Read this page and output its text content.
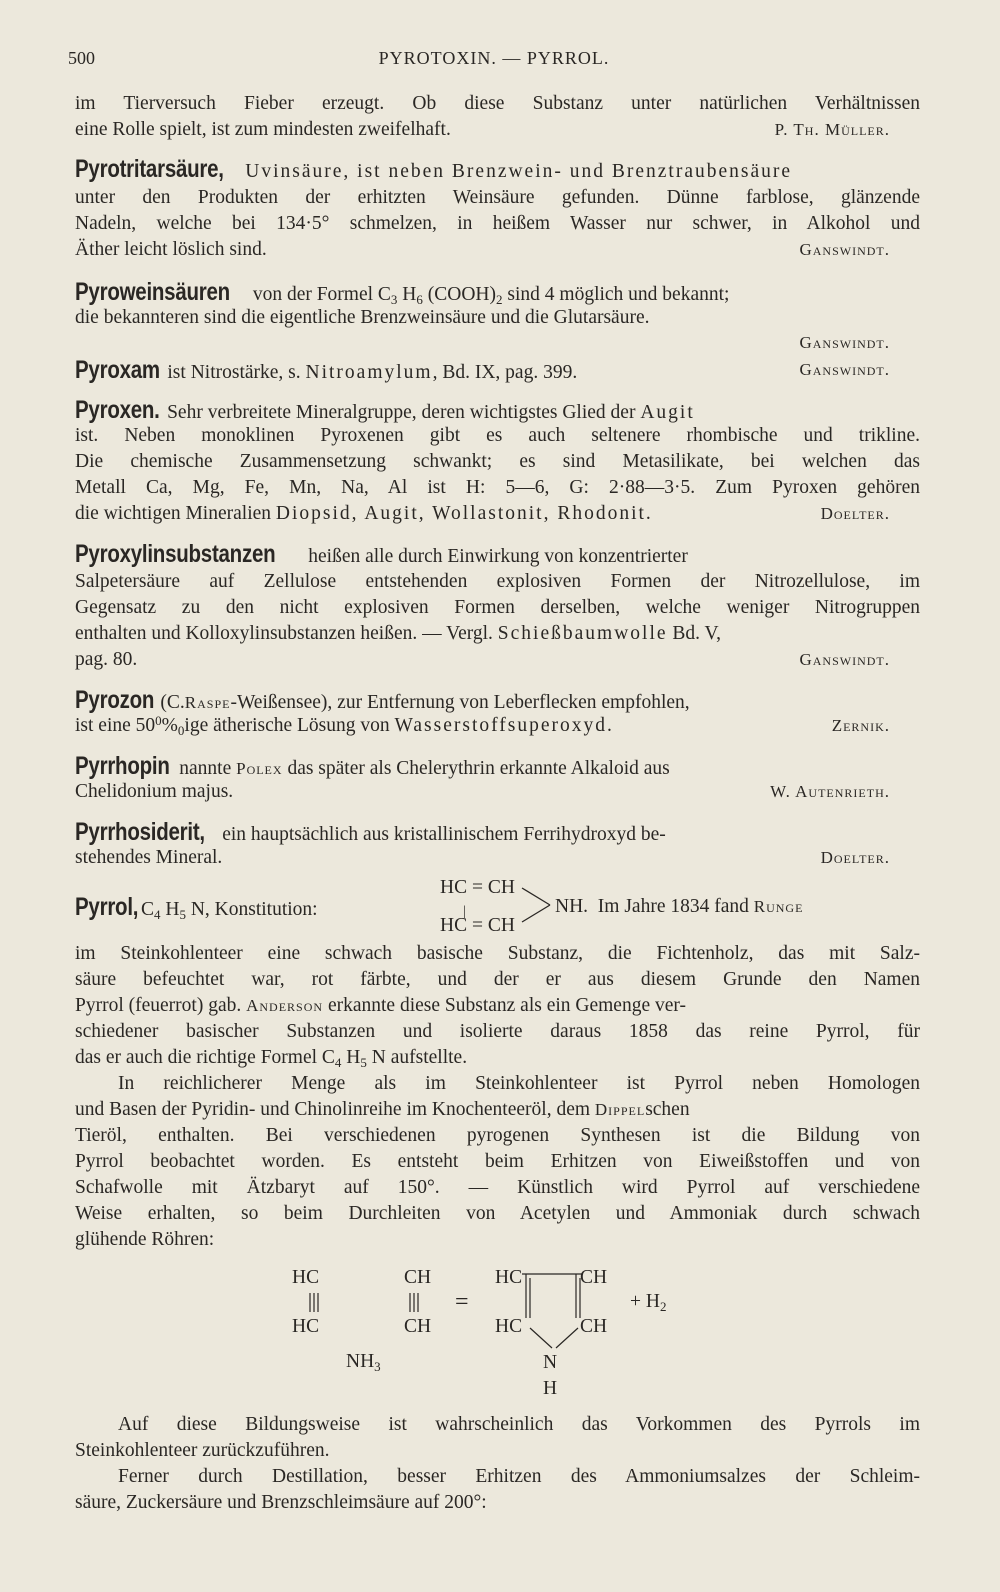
500	PYROTOXIN. — PYRROL.
im Tierversuch Fieber erzeugt. Ob diese Substanz unter natürlichen Verhältnissen
eine Rolle spielt, ist zum mindesten zweifelhaft.	P. Th. Müller.
Pyrotritarsäure, Uvinsäure, ist neben Brenzwein- und Brenztraubensäure
unter den Produkten der erhitzten Weinsäure gefunden. Dünne farblose, glänzende
Nadeln, welche bei 134·5° schmelzen, in heißem Wasser nur schwer, in Alkohol und
Äther leicht löslich sind.	Ganswindt.
Pyroweinsäuren von der Formel $C_3$ $H_6$ $(COOH)_2$ sind 4 möglich und bekannt;
die bekannteren sind die eigentliche Brenzweinsäure und die Glutarsäure.
Ganswindt.
Pyroxam ist Nitrostärke, s. Nitroamylum, Bd. IX, pag. 399.	Ganswindt.
Pyroxen. Sehr verbreitete Mineralgruppe, deren wichtigstes Glied der Augit
ist. Neben monoklinen Pyroxenen gibt es auch seltenere rhombische und trikline.
Die chemische Zusammensetzung schwankt; es sind Metasilikate, bei welchen das
Metall Ca, Mg, Fe, Mn, Na, Al ist H: 5—6, G: 2·88—3·5. Zum Pyroxen gehören
die wichtigen Mineralien Diopsid, Augit, Wollastonit, Rhodonit.	Doelter.
Pyroxylinsubstanzen heißen alle durch Einwirkung von konzentrierter
Salpetersäure auf Zellulose entstehenden explosiven Formen der Nitrozellulose, im
Gegensatz zu den nicht explosiven Formen derselben, welche weniger Nitrogruppen
enthalten und Kolloxylinsubstanzen heißen. — Vergl. Schießbaumwolle Bd. V,
pag. 80.	Ganswindt.
Pyrozon (C.Raspe-Weißensee), zur Entfernung von Leberflecken empfohlen,
ist eine $50^0\%_0ige$ ätherische Lösung von Wasserstoffsuperoxyd.	Zernik.
Pyrrhopin nannte Polex das später als Chelerythrin erkannte Alkaloid aus
Chelidonium majus.	W. Autenrieth.
Pyrrhosiderit, ein hauptsächlich aus kristallinischem Ferrihydroxyd be-
stehendes Mineral.	Doelter.
HC = CH
|
HC = CH
Pyrrol, $C_4$ $H_5$ N, Konstitution:	NH. Im Jahre 1834 fand Runge
im Steinkohlenteer eine schwach basische Substanz, die Fichtenholz, das mit Salz-
säure befeuchtet war, rot färbte, und der er aus diesem Grunde den Namen
Pyrrol (feuerrot) gab. Anderson erkannte diese Substanz als ein Gemenge ver-
schiedener basischer Substanzen und isolierte daraus 1858 das reine Pyrrol, für
das er auch die richtige Formel $C_4$ $H_5$ N aufstellte.
In reichlicherer Menge als im Steinkohlenteer ist Pyrrol neben Homologen
und Basen der Pyridin- und Chinolinreihe im Knochenteeröl, dem Dippelschen
Tieröl, enthalten. Bei verschiedenen pyrogenen Synthesen ist die Bildung von
Pyrrol beobachtet worden. Es entsteht beim Erhitzen von Eiweißstoffen und von
Schafwolle mit Ätzbaryt auf 150°. — Künstlich wird Pyrrol auf verschiedene
Weise erhalten, so beim Durchleiten von Acetylen und Ammoniak durch schwach
glühende Röhren:
HC	CH
HC	CH
$NH_3$
=
HC	CH
HC	CH
N
H
+ $H_2$
Auf diese Bildungsweise ist wahrscheinlich das Vorkommen des Pyrrols im
Steinkohlenteer zurückzuführen.
Ferner durch Destillation, besser Erhitzen des Ammoniumsalzes der Schleim-
säure, Zuckersäure und Brenzschleimsäure auf 200°:
